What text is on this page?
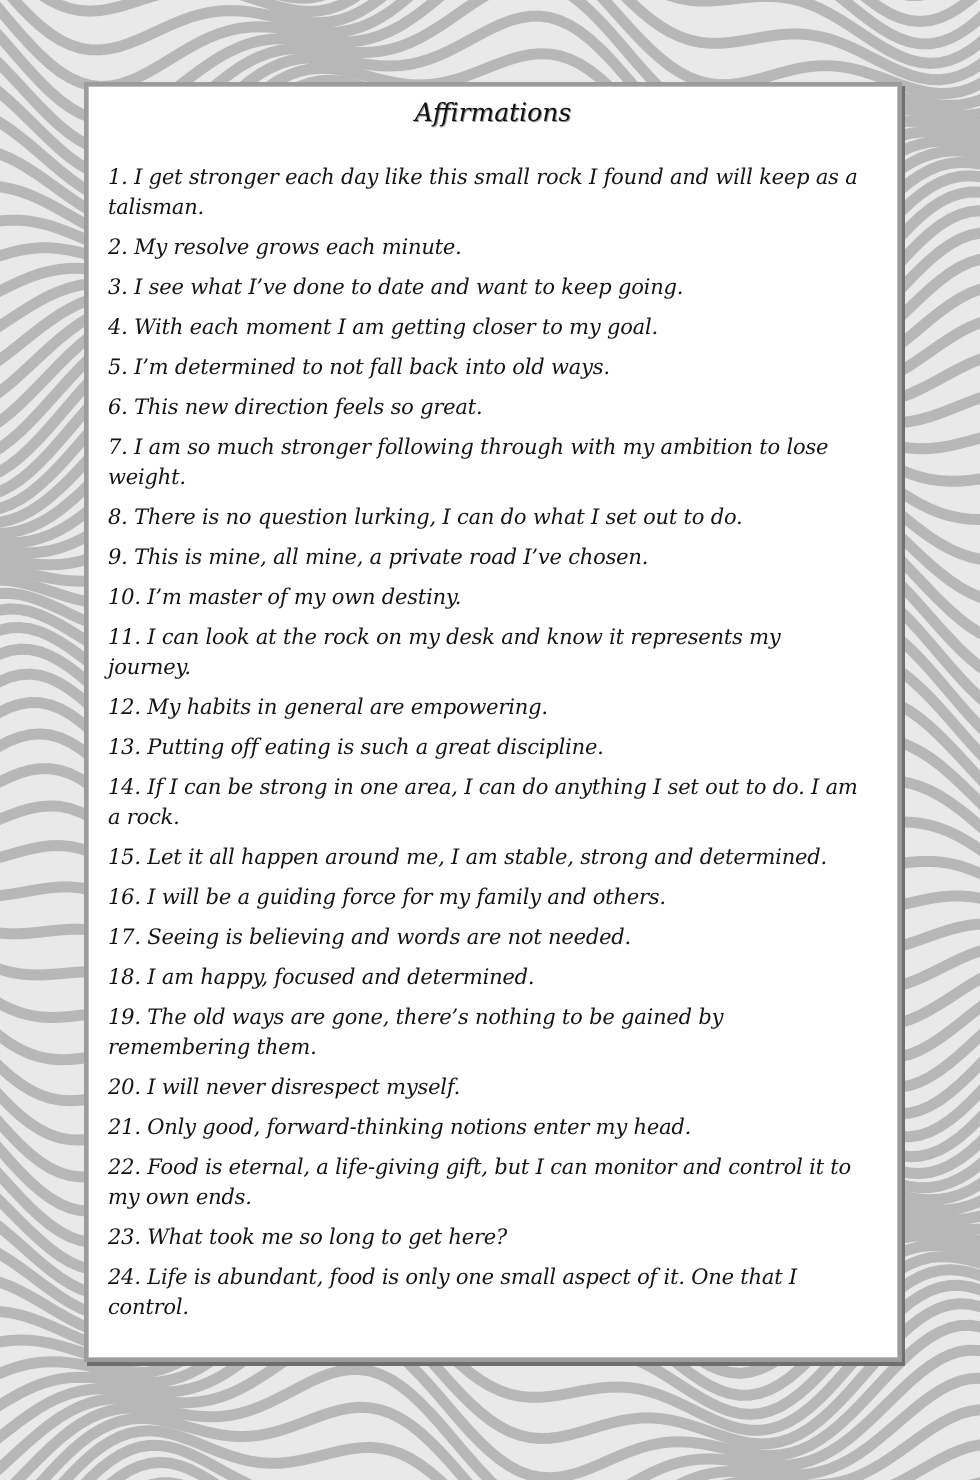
Affirmations
1. I get stronger each day like this small rock I found and will keep as a talisman.
2. My resolve grows each minute.
3. I see what I’ve done to date and want to keep going.
4. With each moment I am getting closer to my goal.
5. I’m determined to not fall back into old ways.
6. This new direction feels so great.
7. I am so much stronger following through with my ambition to lose weight.
8. There is no question lurking, I can do what I set out to do.
9. This is mine, all mine, a private road I’ve chosen.
10. I’m master of my own destiny.
11. I can look at the rock on my desk and know it represents my journey.
12. My habits in general are empowering.
13. Putting off eating is such a great discipline.
14. If I can be strong in one area, I can do anything I set out to do. I am a rock.
15. Let it all happen around me, I am stable, strong and determined.
16. I will be a guiding force for my family and others.
17. Seeing is believing and words are not needed.
18. I am happy, focused and determined.
19. The old ways are gone, there’s nothing to be gained by remembering them.
20. I will never disrespect myself.
21. Only good, forward-thinking notions enter my head.
22. Food is eternal, a life-giving gift, but I can monitor and control it to my own ends.
23. What took me so long to get here?
24. Life is abundant, food is only one small aspect of it. One that I control.
